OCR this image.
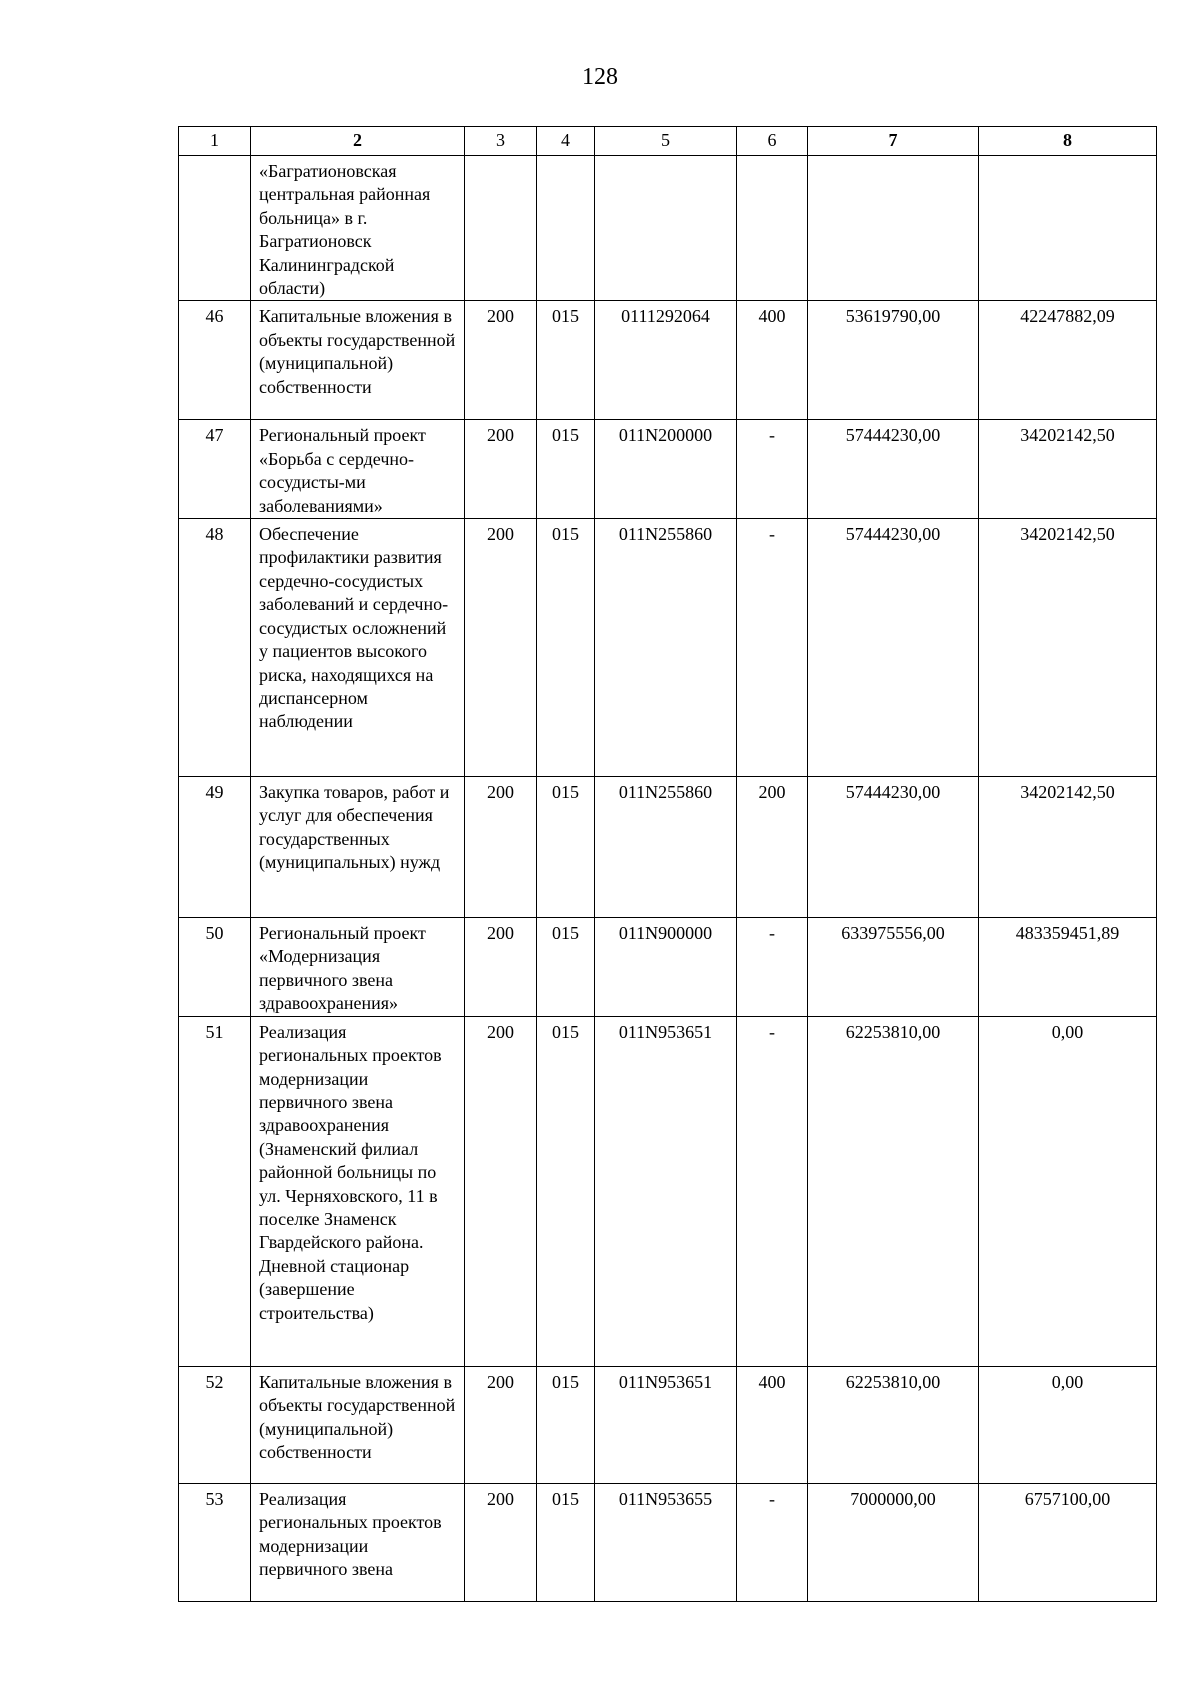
128
1	2	3	4	5	6	7	8
	«Багратионовская центральная районная больница» в г. Багратионовск Калининградской области)						
46	Капитальные вложения в объекты государственной (муниципальной) собственности	200	015	0111292064	400	53619790,00	42247882,09
47	Региональный проект «Борьба с сердечно-сосудисты-ми заболеваниями»	200	015	011N200000	-	57444230,00	34202142,50
48	Обеспечение профилактики развития сердечно-сосудистых заболеваний и сердечно-сосудистых осложнений у пациентов высокого риска, находящихся на диспансерном наблюдении	200	015	011N255860	-	57444230,00	34202142,50
49	Закупка товаров, работ и услуг для обеспечения государственных (муниципальных) нужд	200	015	011N255860	200	57444230,00	34202142,50
50	Региональный проект «Модернизация первичного звена здравоохранения»	200	015	011N900000	-	633975556,00	483359451,89
51	Реализация региональных проектов модернизации первичного звена здравоохранения (Знаменский филиал районной больницы по ул. Черняховского, 11 в поселке Знаменск Гвардейского района. Дневной стационар (завершение строительства)	200	015	011N953651	-	62253810,00	0,00
52	Капитальные вложения в объекты государственной (муниципальной) собственности	200	015	011N953651	400	62253810,00	0,00
53	Реализация региональных проектов модернизации первичного звена	200	015	011N953655	-	7000000,00	6757100,00
